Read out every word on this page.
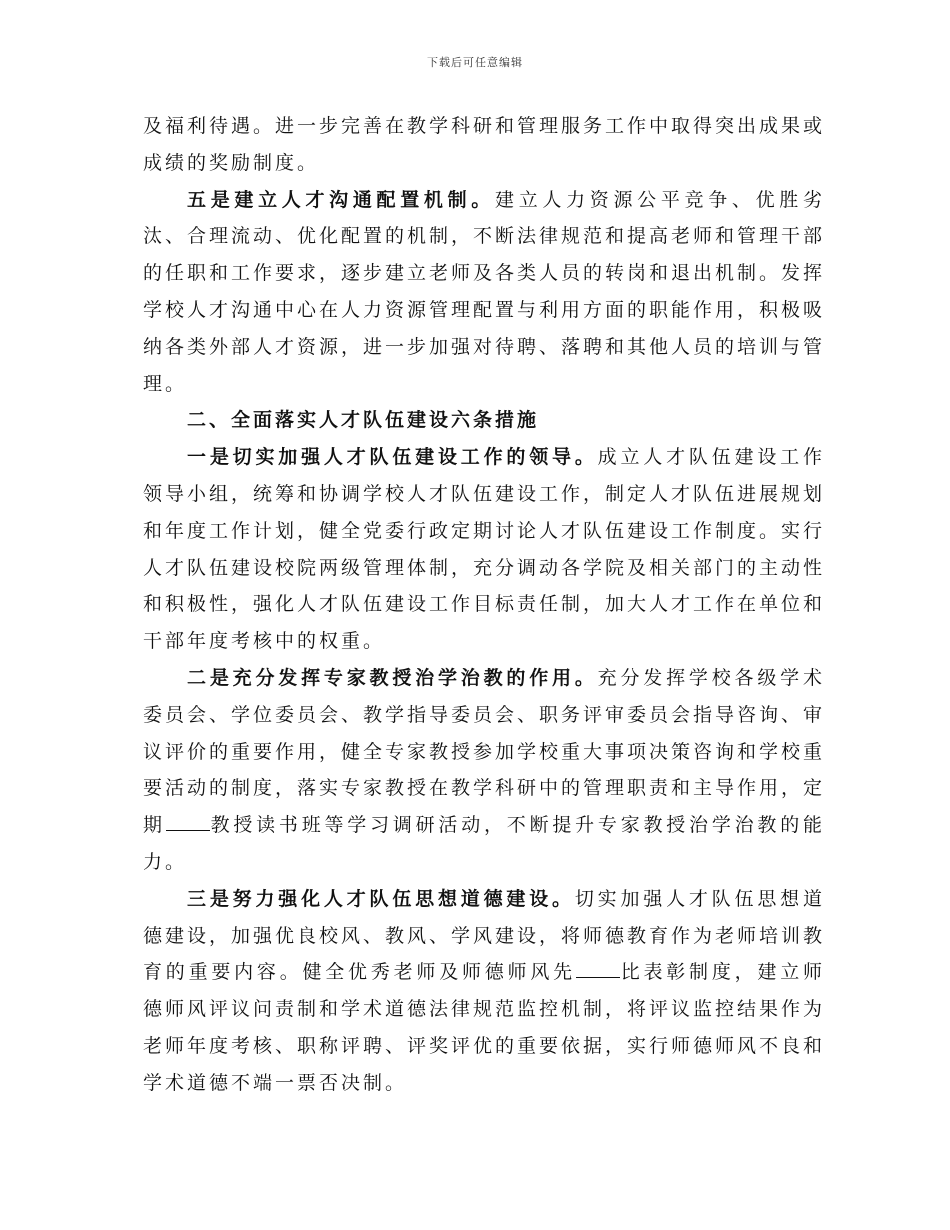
下载后可任意编辑

及福利待遇。进一步完善在教学科研和管理服务工作中取得突出成果或成绩的奖励制度。

五是建立人才沟通配置机制。建立人力资源公平竞争、优胜劣汰、合理流动、优化配置的机制，不断法律规范和提高老师和管理干部的任职和工作要求，逐步建立老师及各类人员的转岗和退出机制。发挥学校人才沟通中心在人力资源管理配置与利用方面的职能作用，积极吸纳各类外部人才资源，进一步加强对待聘、落聘和其他人员的培训与管理。

二、全面落实人才队伍建设六条措施

一是切实加强人才队伍建设工作的领导。成立人才队伍建设工作领导小组，统筹和协调学校人才队伍建设工作，制定人才队伍进展规划和年度工作计划，健全党委行政定期讨论人才队伍建设工作制度。实行人才队伍建设校院两级管理体制，充分调动各学院及相关部门的主动性和积极性，强化人才队伍建设工作目标责任制，加大人才工作在单位和干部年度考核中的权重。

二是充分发挥专家教授治学治教的作用。充分发挥学校各级学术委员会、学位委员会、教学指导委员会、职务评审委员会指导咨询、审议评价的重要作用，健全专家教授参加学校重大事项决策咨询和学校重要活动的制度，落实专家教授在教学科研中的管理职责和主导作用，定期 教授读书班等学习调研活动，不断提升专家教授治学治教的能力。

三是努力强化人才队伍思想道德建设。切实加强人才队伍思想道德建设，加强优良校风、教风、学风建设，将师德教育作为老师培训教育的重要内容。健全优秀老师及师德师风先 比表彰制度，建立师德师风评议问责制和学术道德法律规范监控机制，将评议监控结果作为老师年度考核、职称评聘、评奖评优的重要依据，实行师德师风不良和学术道德不端一票否决制。
